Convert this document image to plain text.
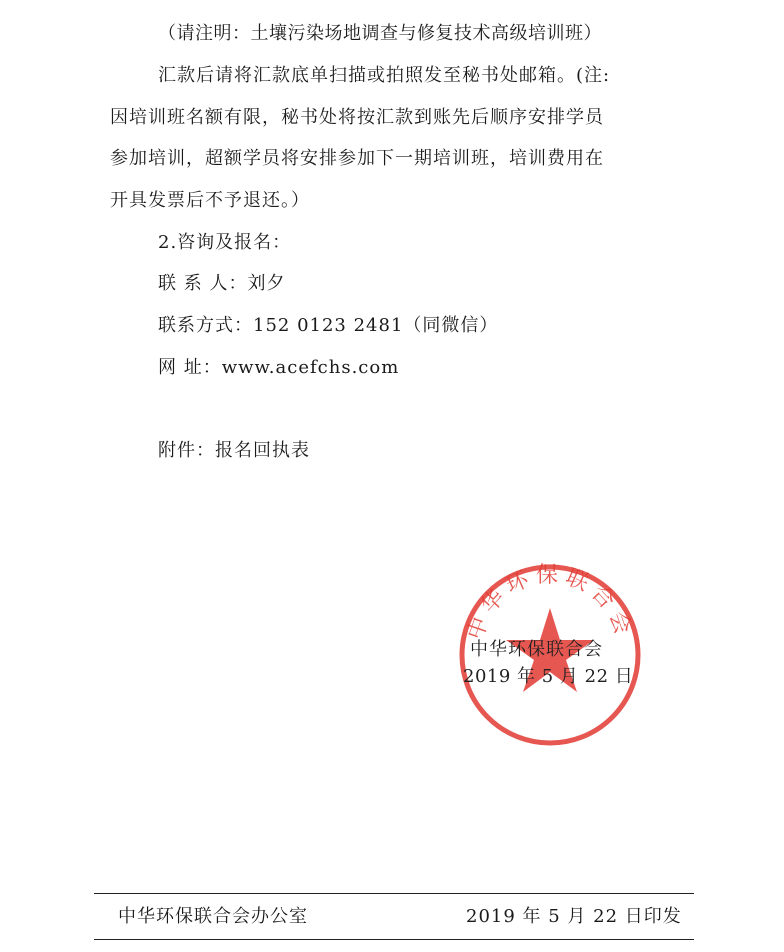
（请注明：土壤污染场地调查与修复技术高级培训班）
汇款后请将汇款底单扫描或拍照发至秘书处邮箱。(注:
因培训班名额有限，秘书处将按汇款到账先后顺序安排学员
参加培训，超额学员将安排参加下一期培训班，培训费用在
开具发票后不予退还。）
2.咨询及报名：
联 系 人：刘夕
联系方式：152 0123 2481（同微信）
网 址：www.acefchs.com
附件：报名回执表
中华环保联合会
中华环保联合会
2019 年 5 月 22 日
中华环保联合会办公室	2019 年 5 月 22 日印发
